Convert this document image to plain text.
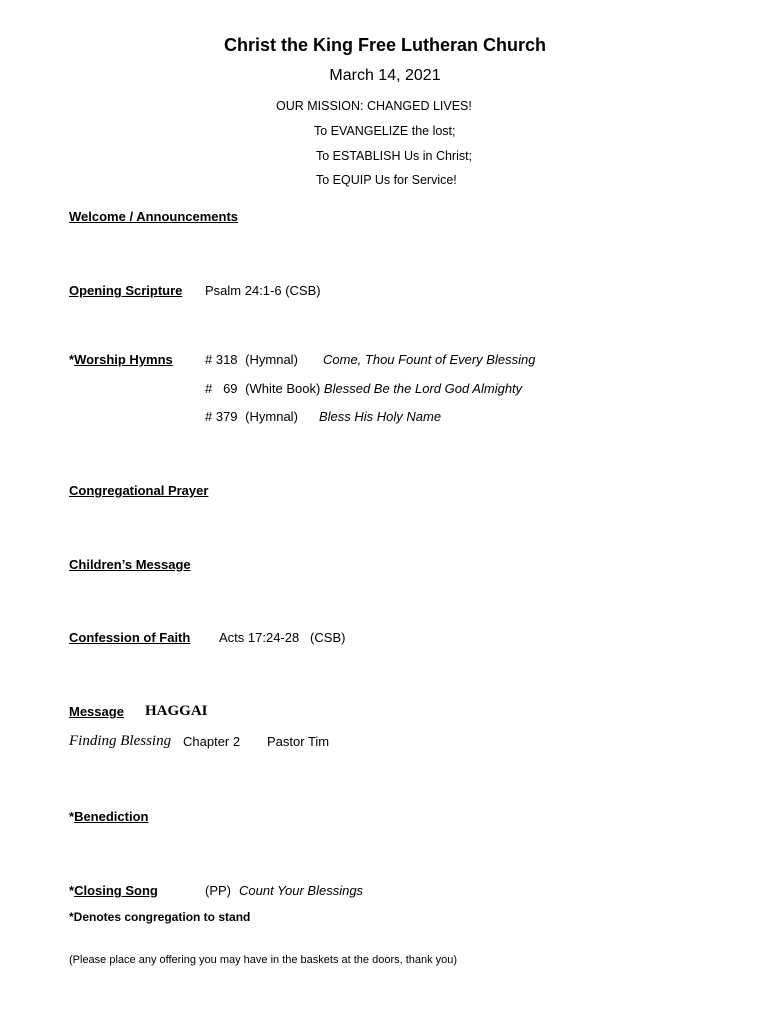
Christ the King Free Lutheran Church
March 14, 2021
OUR MISSION: CHANGED LIVES!
To EVANGELIZE the lost;
To ESTABLISH Us in Christ;
To EQUIP Us for Service!
Welcome / Announcements
Opening Scripture Psalm 24:1-6 (CSB)
*Worship Hymns # 318 (Hymnal) Come, Thou Fount of Every Blessing
#   69 (White Book) Blessed Be the Lord God Almighty
# 379 (Hymnal) Bless His Holy Name
Congregational Prayer
Children’s Message
Confession of Faith Acts 17:24-28   (CSB)
Message HAGGAI
Finding Blessing Chapter 2 Pastor Tim
*Benediction
*Closing Song	(PP) Count Your Blessings
*Denotes congregation to stand
(Please place any offering you may have in the baskets at the doors, thank you)
